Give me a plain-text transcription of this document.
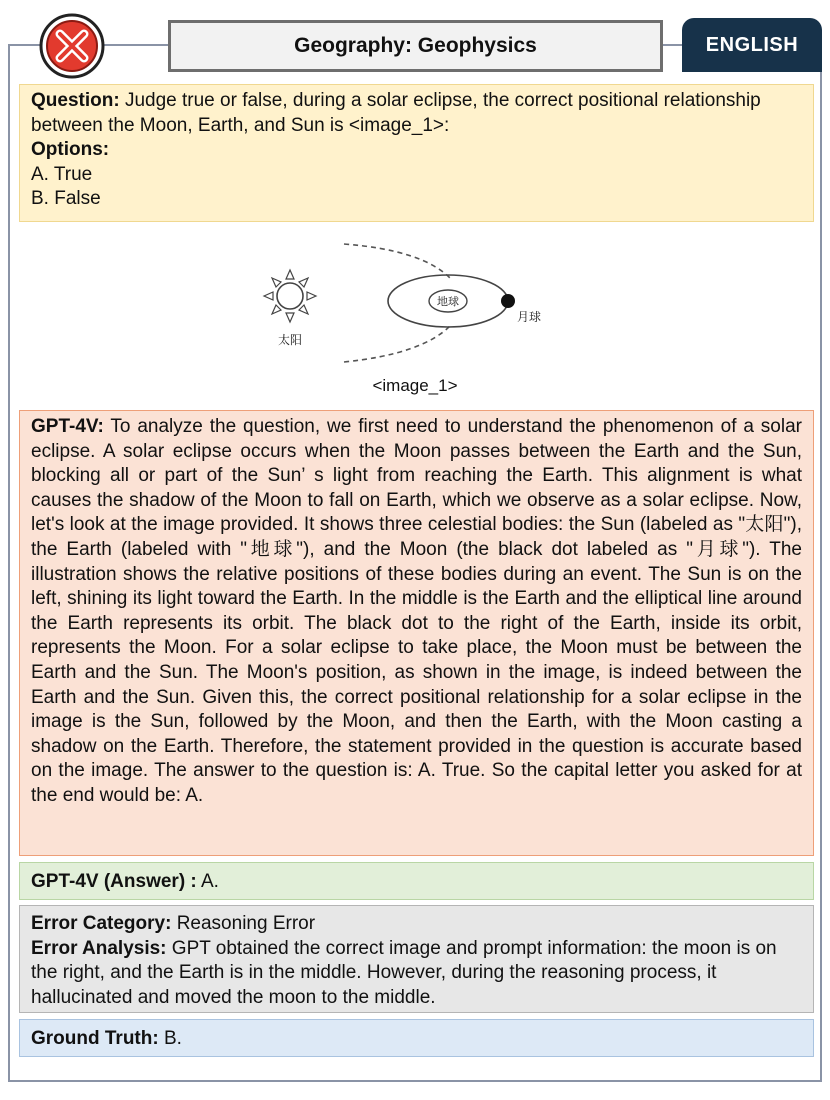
Geography: Geophysics	ENGLISH

Question: Judge true or false, during a solar eclipse, the correct positional relationship between the Moon, Earth, and Sun is <image_1>:

Options:

A. True

B. False

太阳
地球
月球
<image_1>

GPT-4V: To analyze the question, we first need to understand the phenomenon of a solar eclipse. A solar eclipse occurs when the Moon passes between the Earth and the Sun, blocking all or part of the Sun’ s light from reaching the Earth. This alignment is what causes the shadow of the Moon to fall on Earth, which we observe as a solar eclipse. Now, let's look at the image provided. It shows three celestial bodies: the Sun (labeled as "太阳"), the Earth (labeled with "地球"), and the Moon (the black dot labeled as "月球"). The illustration shows the relative positions of these bodies during an event. The Sun is on the left, shining its light toward the Earth. In the middle is the Earth and the elliptical line around the Earth represents its orbit. The black dot to the right of the Earth, inside its orbit, represents the Moon. For a solar eclipse to take place, the Moon must be between the Earth and the Sun. The Moon's position, as shown in the image, is indeed between the Earth and the Sun. Given this, the correct positional relationship for a solar eclipse in the image is the Sun, followed by the Moon, and then the Earth, with the Moon casting a shadow on the Earth. Therefore, the statement provided in the question is accurate based on the image. The answer to the question is: A. True. So the capital letter you asked for at the end would be: A.

GPT-4V (Answer) : A.

Error Category: Reasoning Error

Error Analysis: GPT obtained the correct image and prompt information: the moon is on the right, and the Earth is in the middle. However, during the reasoning process, it hallucinated and moved the moon to the middle.

Ground Truth: B.
